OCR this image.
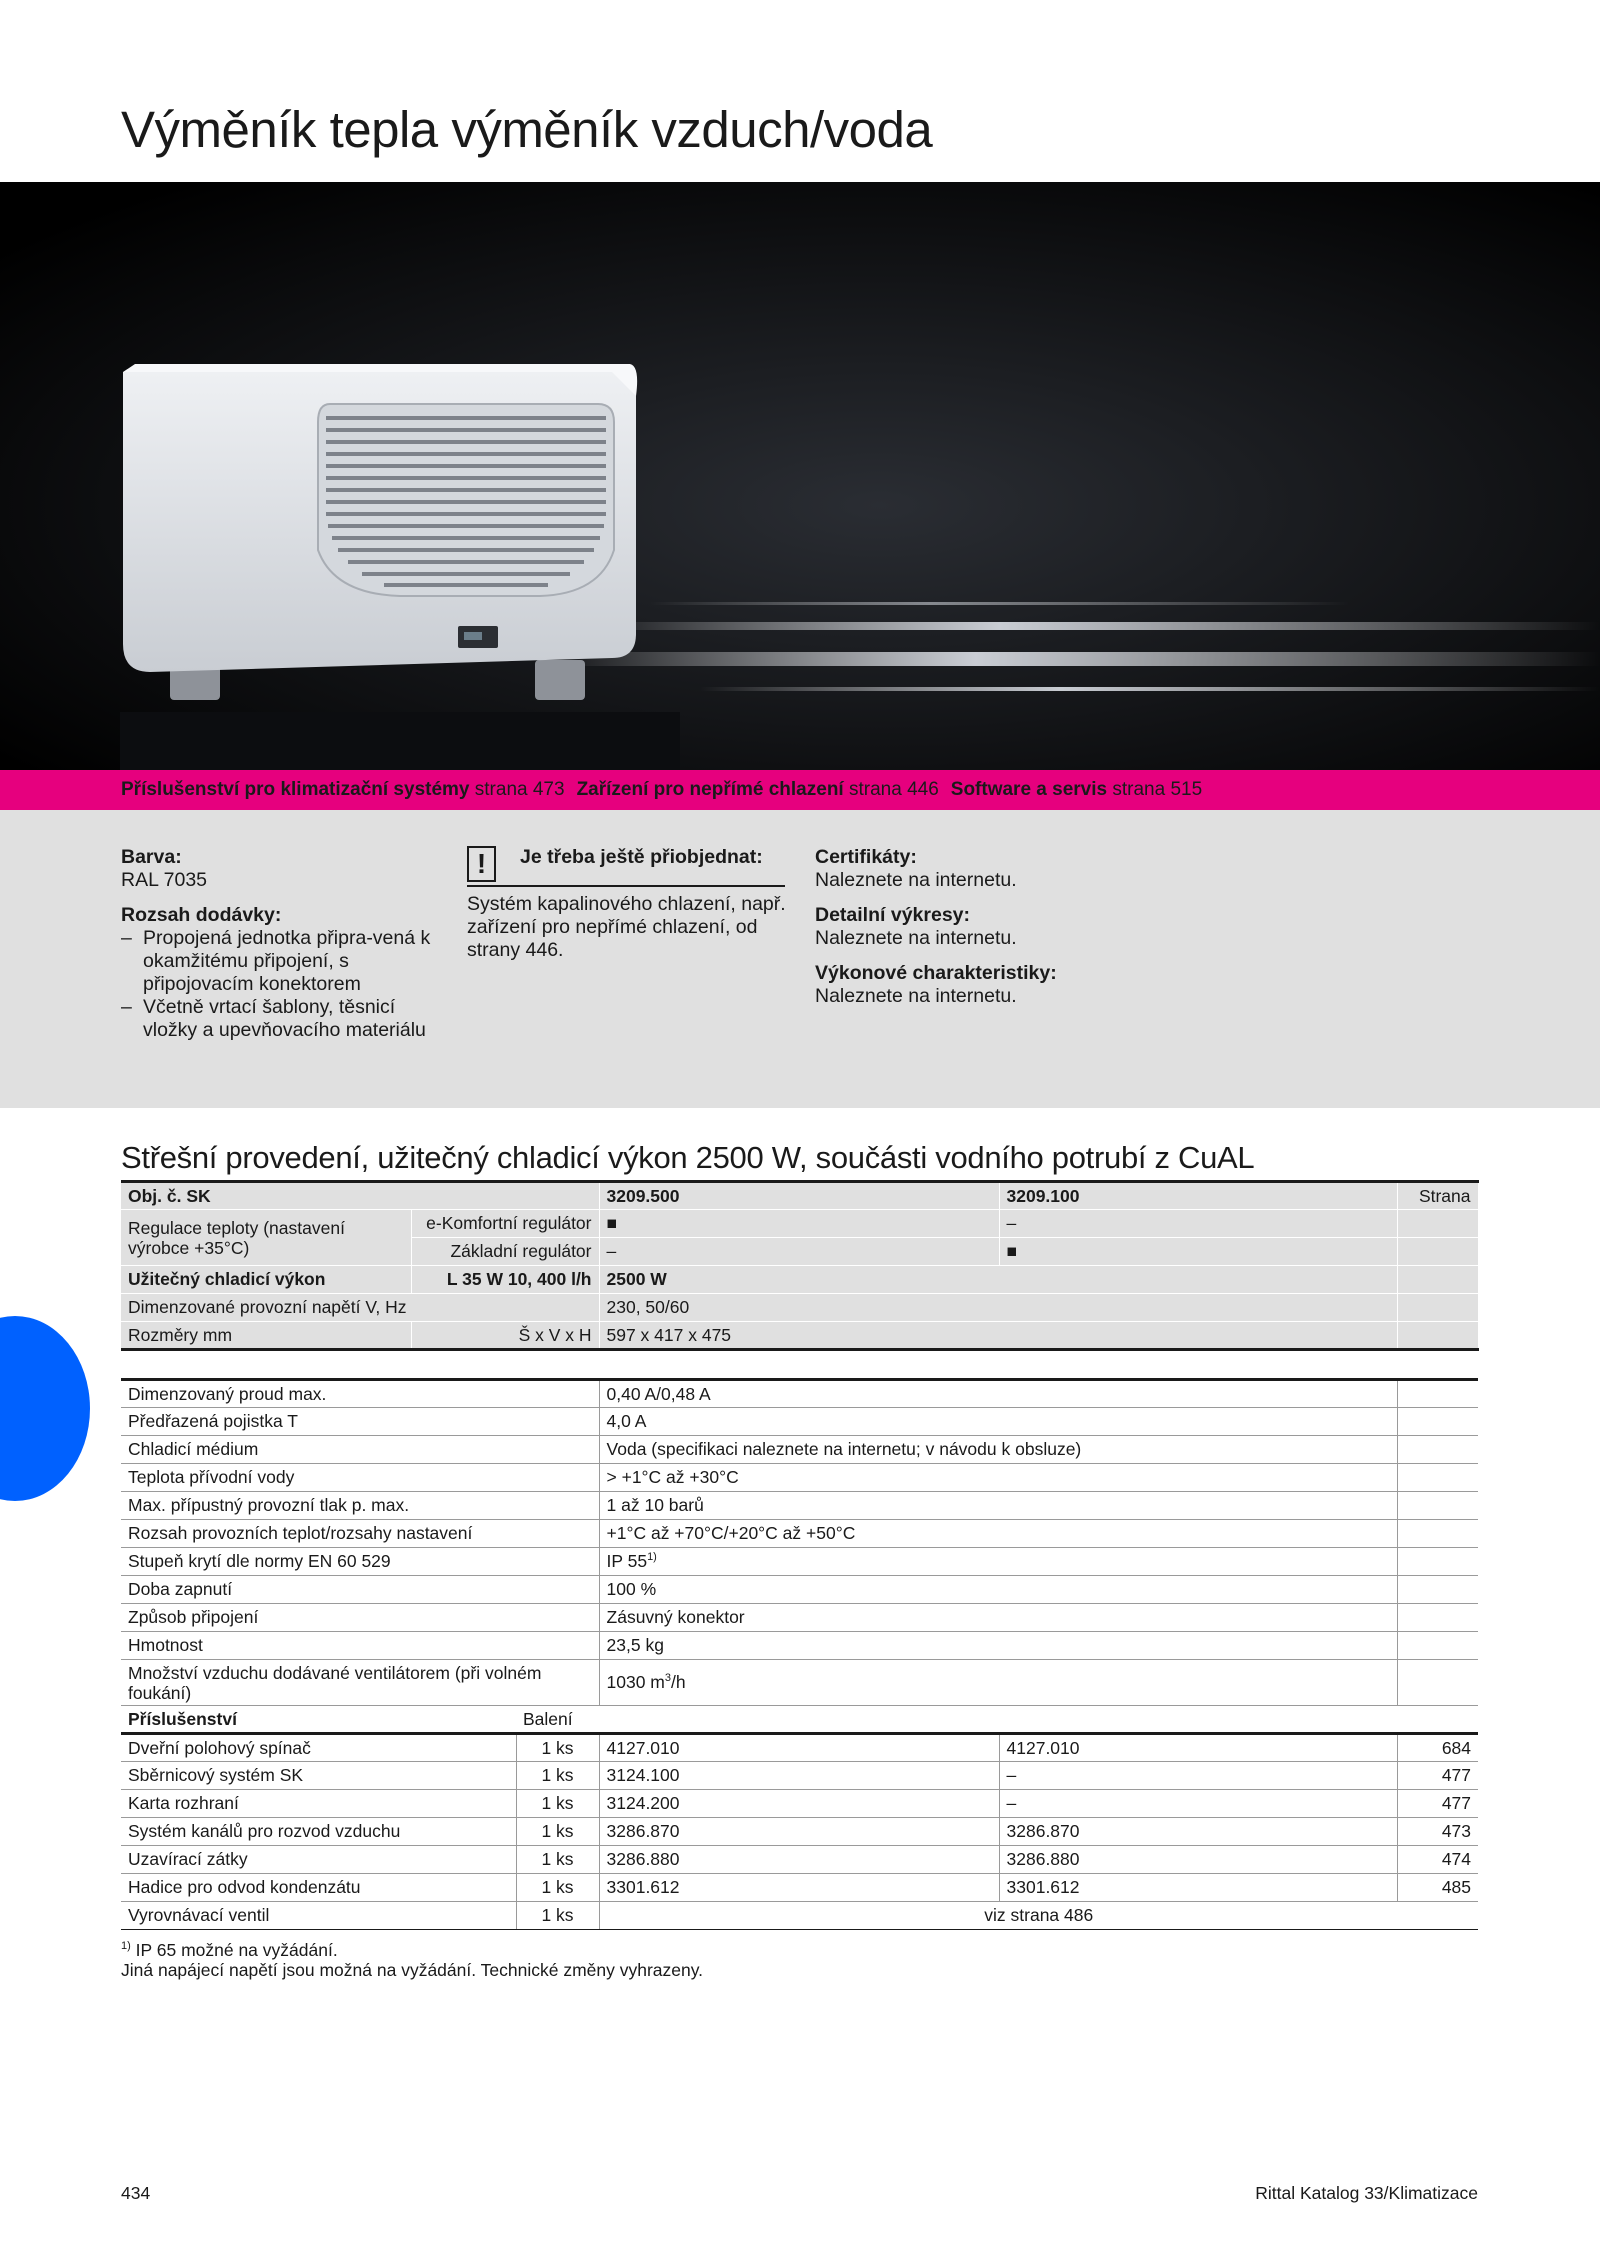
Výměník tepla výměník vzduch/voda
Příslušenství pro klimatizační systémy strana 473 Zařízení pro nepřímé chlazení strana 446 Software a servis strana 515
Barva:

RAL 7035

Rozsah dodávky:
– Propojená jednotka připra-vená k okamžitému připojení, s připojovacím konektorem
– Včetně vrtací šablony, těsnicí vložky a upevňovacího materiálu
!	Je třeba ještě přiobjednat:

Systém kapalinového chlazení, např. zařízení pro nepřímé chlazení, od strany 446.

Certifikáty:

Naleznete na internetu.

Detailní výkresy:

Naleznete na internetu.

Výkonové charakteristiky:

Naleznete na internetu.

Střešní provedení, užitečný chladicí výkon 2500 W, součásti vodního potrubí z CuAL
Obj. č. SK		3209.500	3209.100	Strana
Regulace teploty (nastavení výrobce +35°C)	e-Komfortní regulátor	■	–	
	Základní regulátor	–	■	
Užitečný chladicí výkon	L 35 W 10, 400 l/h	2500 W		
Dimenzované provozní napětí V, Hz		230, 50/60		
Rozměry mm	Š x V x H	597 x 417 x 475		
Dimenzovaný proud max.		0,40 A/0,48 A		
Předřazená pojistka T		4,0 A		
Chladicí médium		Voda (specifikaci naleznete na internetu; v návodu k obsluze)		
Teplota přívodní vody		> +1°C až +30°C		
Max. přípustný provozní tlak p. max.		1 až 10 barů		
Rozsah provozních teplot/rozsahy nastavení		+1°C až +70°C/+20°C až +50°C		
Stupeň krytí dle normy EN 60 529		IP 55$^{1)}$	
Doba zapnutí		100 %		
Způsob připojení		Zásuvný konektor		
Hmotnost		23,5 kg		
Množství vzduchu dodávané ventilátorem (při volném foukání)		1030 $m^3/h$		
Příslušenství	Balení			
Dveřní polohový spínač	1 ks	4127.010	4127.010	684
Sběrnicový systém SK	1 ks	3124.100	–	477
Karta rozhraní	1 ks	3124.200	–	477
Systém kanálů pro rozvod vzduchu	1 ks	3286.870	3286.870	473
Uzavírací zátky	1 ks	3286.880	3286.880	474
Hadice pro odvod kondenzátu	1 ks	3301.612	3301.612	485
Vyrovnávací ventil	1 ks	viz strana 486		
$^{1)}$ IP 65 možné na vyžádání.
Jiná napájecí napětí jsou možná na vyžádání. Technické změny vyhrazeny.
434	Rittal Katalog 33/Klimatizace
